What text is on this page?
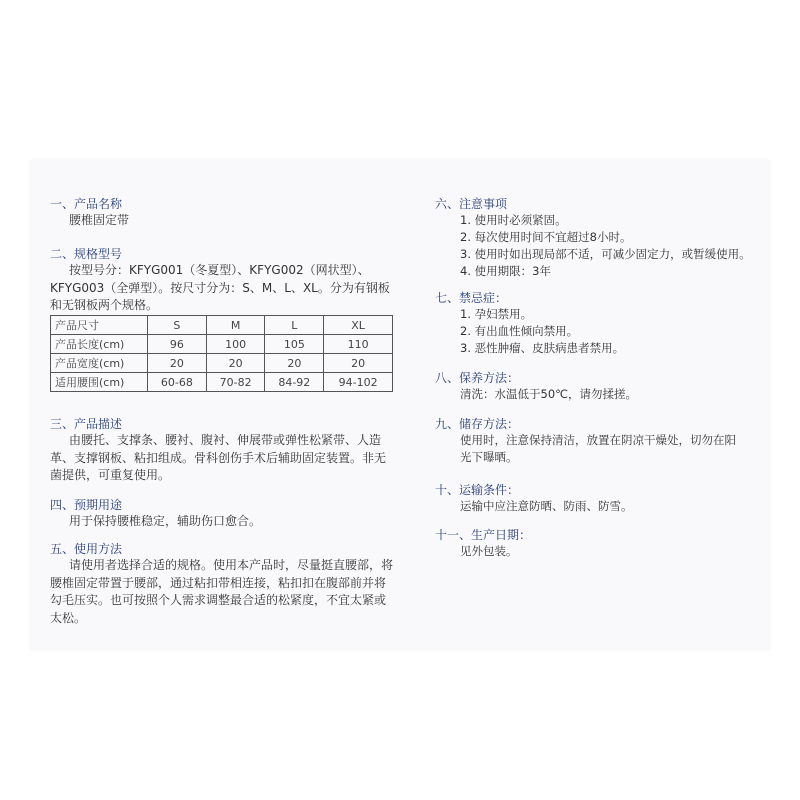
一、产品名称

腰椎固定带

二、规格型号

按型号分：KFYG001（冬夏型）、KFYG002（网状型）、KFYG003（全弹型）。按尺寸分为：S、M、L、XL。分为有钢板和无钢板两个规格。

产品尺寸	S	M	L	XL
产品长度(cm)	96	100	105	110
产品宽度(cm)	20	20	20	20
适用腰围(cm)	60-68	70-82	84-92	94-102
三、产品描述

由腰托、支撑条、腰衬、腹衬、伸展带或弹性松紧带、人造革、支撑钢板、粘扣组成。骨科创伤手术后辅助固定装置。非无菌提供，可重复使用。

四、预期用途

用于保持腰椎稳定，辅助伤口愈合。

五、使用方法

请使用者选择合适的规格。使用本产品时，尽量挺直腰部，将腰椎固定带置于腰部，通过粘扣带相连接，粘扣扣在腹部前并将勾毛压实。也可按照个人需求调整最合适的松紧度，不宜太紧或太松。

六、注意事项
1. 使用时必须紧固。
2. 每次使用时间不宜超过8小时。
3. 使用时如出现局部不适，可减少固定力，或暂缓使用。
4. 使用期限：3年
七、禁忌症：
1. 孕妇禁用。
2. 有出血性倾向禁用。
3. 恶性肿瘤、皮肤病患者禁用。
八、保养方法：
清洗：水温低于50℃，请勿揉搓。
九、储存方法：
使用时，注意保持清洁，放置在阴凉干燥处，切勿在阳
光下曝晒。
十、运输条件：
运输中应注意防晒、防雨、防雪。
十一、生产日期：
见外包装。
